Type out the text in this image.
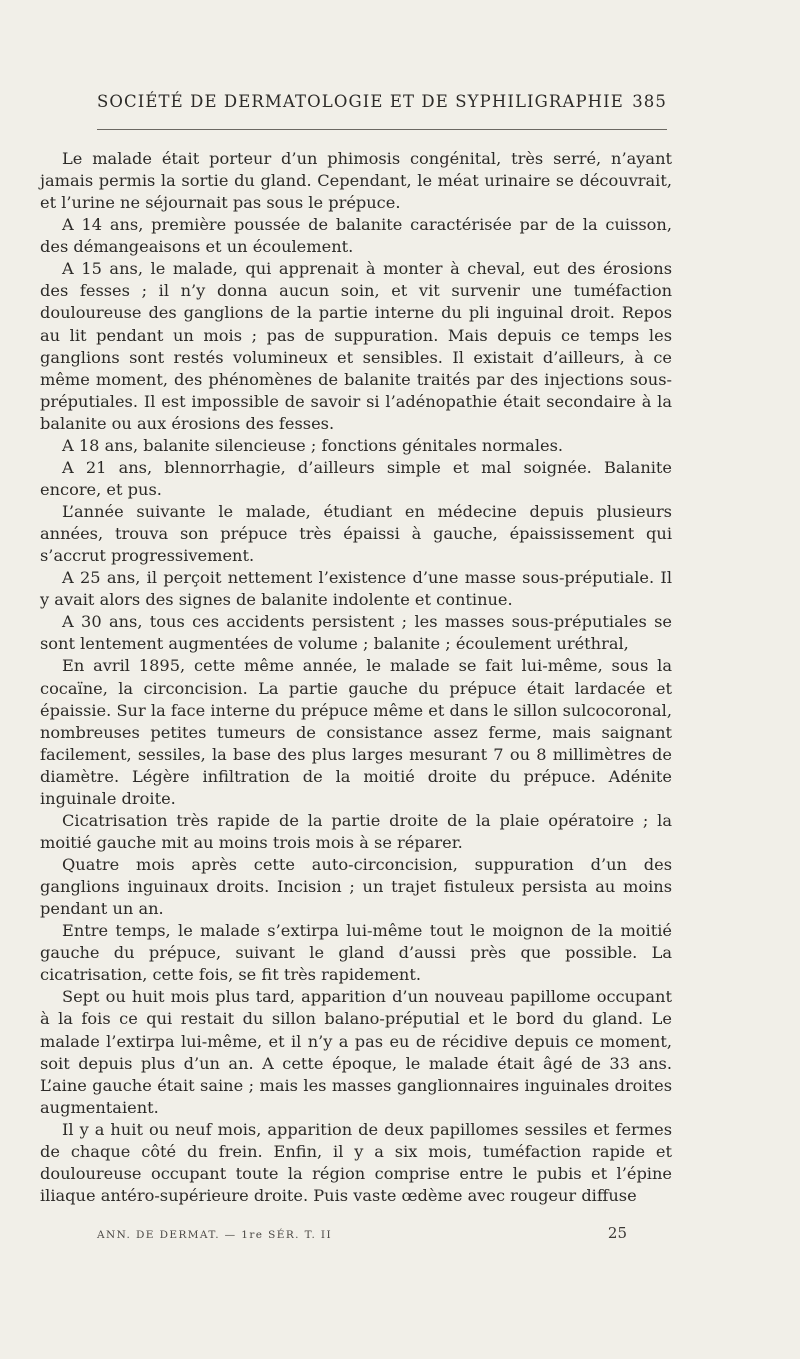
SOCIÉTÉ DE DERMATOLOGIE ET DE SYPHILIGRAPHIE 385

Le malade était porteur d’un phimosis congénital, très serré, n’ayant jamais permis la sortie du gland. Cependant, le méat urinaire se découvrait, et l’urine ne séjournait pas sous le prépuce.

A 14 ans, première poussée de balanite caractérisée par de la cuisson, des démangeaisons et un écoulement.

A 15 ans, le malade, qui apprenait à monter à cheval, eut des érosions des fesses ; il n’y donna aucun soin, et vit survenir une tuméfaction douloureuse des ganglions de la partie interne du pli inguinal droit. Repos au lit pendant un mois ; pas de suppuration. Mais depuis ce temps les ganglions sont restés volumineux et sensibles. Il existait d’ailleurs, à ce même moment, des phénomènes de balanite traités par des injections sous-préputiales. Il est impossible de savoir si l’adénopathie était secondaire à la balanite ou aux érosions des fesses.

A 18 ans, balanite silencieuse ; fonctions génitales normales.

A 21 ans, blennorrhagie, d’ailleurs simple et mal soignée. Balanite encore, et pus.

L’année suivante le malade, étudiant en médecine depuis plusieurs années, trouva son prépuce très épaissi à gauche, épaississement qui s’accrut progressivement.

A 25 ans, il perçoit nettement l’existence d’une masse sous-préputiale. Il y avait alors des signes de balanite indolente et continue.

A 30 ans, tous ces accidents persistent ; les masses sous-préputiales se sont lentement augmentées de volume ; balanite ; écoulement uréthral,

En avril 1895, cette même année, le malade se fait lui-même, sous la cocaïne, la circoncision. La partie gauche du prépuce était lardacée et épaissie. Sur la face interne du prépuce même et dans le sillon sulcocoronal, nombreuses petites tumeurs de consistance assez ferme, mais saignant facilement, sessiles, la base des plus larges mesurant 7 ou 8 millimètres de diamètre. Légère infiltration de la moitié droite du prépuce. Adénite inguinale droite.

Cicatrisation très rapide de la partie droite de la plaie opératoire ; la moitié gauche mit au moins trois mois à se réparer.

Quatre mois après cette auto-circoncision, suppuration d’un des ganglions inguinaux droits. Incision ; un trajet fistuleux persista au moins pendant un an.

Entre temps, le malade s’extirpa lui-même tout le moignon de la moitié gauche du prépuce, suivant le gland d’aussi près que possible. La cicatrisation, cette fois, se fit très rapidement.

Sept ou huit mois plus tard, apparition d’un nouveau papillome occupant à la fois ce qui restait du sillon balano-préputial et le bord du gland. Le malade l’extirpa lui-même, et il n’y a pas eu de récidive depuis ce moment, soit depuis plus d’un an. A cette époque, le malade était âgé de 33 ans. L’aine gauche était saine ; mais les masses ganglionnaires inguinales droites augmentaient.

Il y a huit ou neuf mois, apparition de deux papillomes sessiles et fermes de chaque côté du frein. Enfin, il y a six mois, tuméfaction rapide et douloureuse occupant toute la région comprise entre le pubis et l’épine iliaque antéro-supérieure droite. Puis vaste œdème avec rougeur diffuse

ANN. DE DERMAT. — 1re SÉR. T. II	25
